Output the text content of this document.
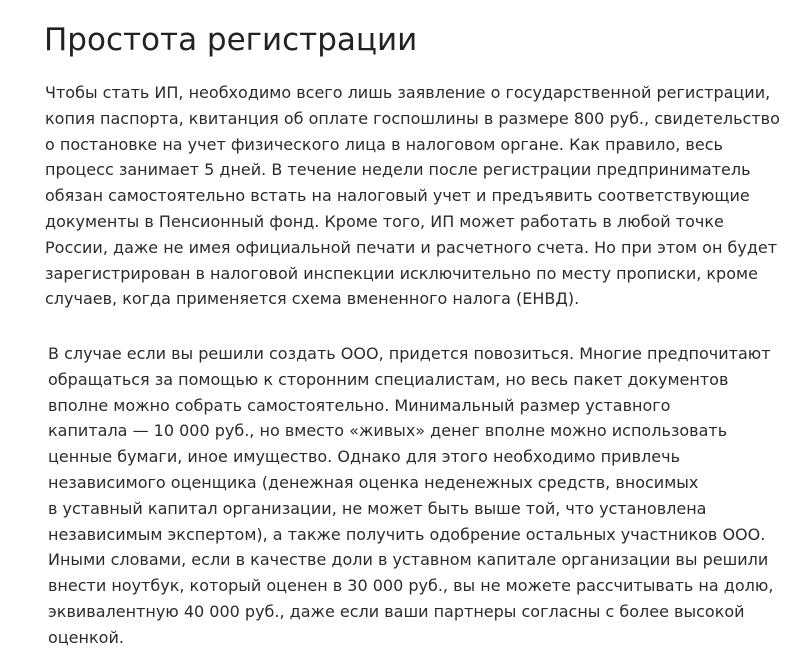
Простота регистрации

Чтобы стать ИП, необходимо всего лишь заявление о государственной регистрации,
копия паспорта, квитанция об оплате госпошлины в размере 800 руб., свидетельство
о постановке на учет физического лица в налоговом органе. Как правило, весь
процесс занимает 5 дней. В течение недели после регистрации предприниматель
обязан самостоятельно встать на налоговый учет и предъявить соответствующие
документы в Пенсионный фонд. Кроме того, ИП может работать в любой точке
России, даже не имея официальной печати и расчетного счета. Но при этом он будет
зарегистрирован в налоговой инспекции исключительно по месту прописки, кроме
случаев, когда применяется схема вмененного налога (ЕНВД).

В случае если вы решили создать ООО, придется повозиться. Многие предпочитают
обращаться за помощью к сторонним специалистам, но весь пакет документов
вполне можно собрать самостоятельно. Минимальный размер уставного
капитала — 10 000 руб., но вместо «живых» денег вполне можно использовать
ценные бумаги, иное имущество. Однако для этого необходимо привлечь
независимого оценщика (денежная оценка неденежных средств, вносимых
в уставный капитал организации, не может быть выше той, что установлена
независимым экспертом), а также получить одобрение остальных участников ООО.
Иными словами, если в качестве доли в уставном капитале организации вы решили
внести ноутбук, который оценен в 30 000 руб., вы не можете рассчитывать на долю,
эквивалентную 40 000 руб., даже если ваши партнеры согласны с более высокой
оценкой.
